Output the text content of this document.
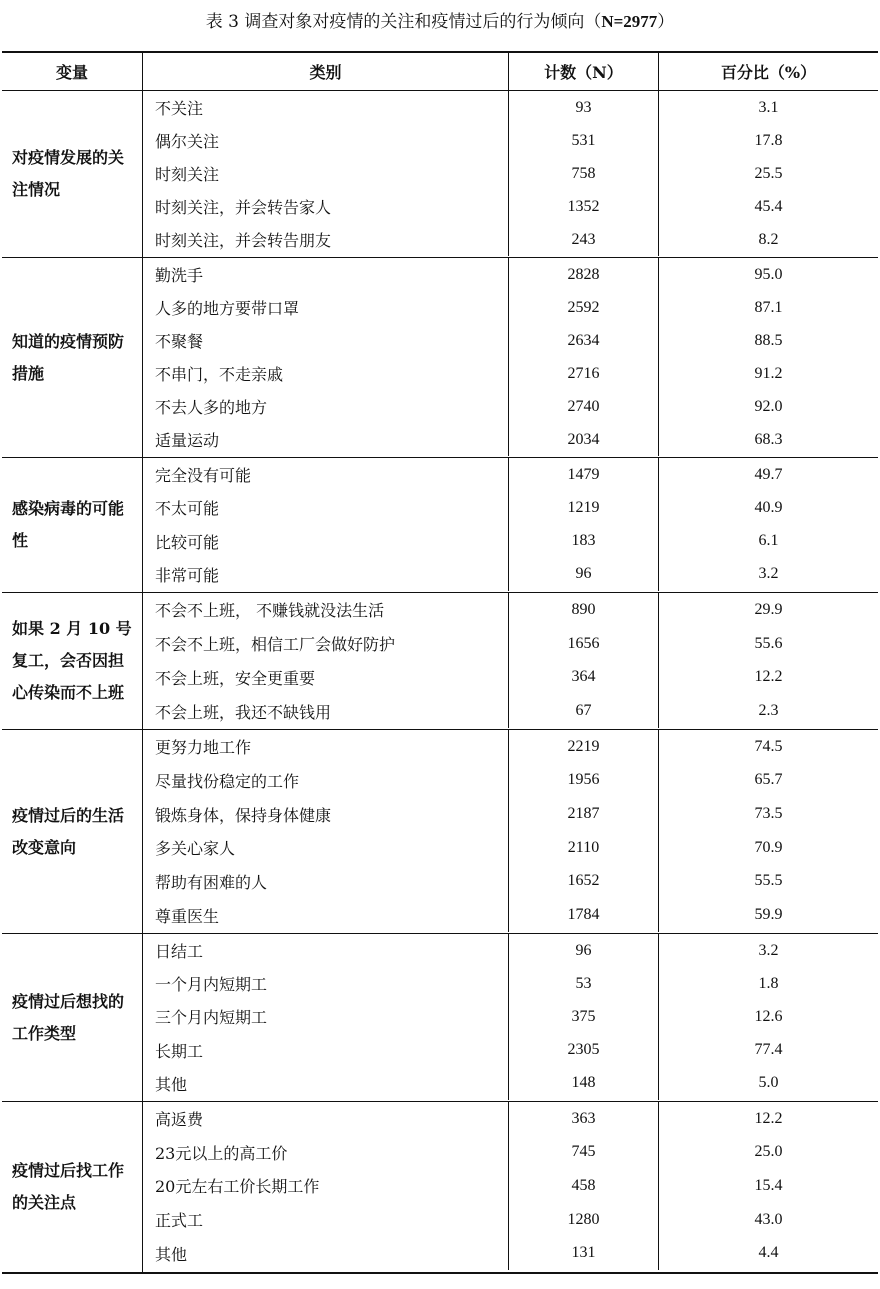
表 3 调查对象对疫情的关注和疫情过后的行为倾向（N=2977）
变量	类别	计数（N）	百分比（%）
对疫情发展的关注情况
不关注	93	3.1
偶尔关注	531	17.8
时刻关注	758	25.5
时刻关注，并会转告家人	1352	45.4
时刻关注，并会转告朋友	243	8.2
知道的疫情预防措施
勤洗手	2828	95.0
人多的地方要带口罩	2592	87.1
不聚餐	2634	88.5
不串门，不走亲戚	2716	91.2
不去人多的地方	2740	92.0
适量运动	2034	68.3
感染病毒的可能性
完全没有可能	1479	49.7
不太可能	1219	40.9
比较可能	183	6.1
非常可能	96	3.2
如果 2 月 10 号复工，会否因担心传染而不上班
不会不上班， 不赚钱就没法生活	890	29.9
不会不上班，相信工厂会做好防护	1656	55.6
不会上班，安全更重要	364	12.2
不会上班，我还不缺钱用	67	2.3
疫情过后的生活改变意向
更努力地工作	2219	74.5
尽量找份稳定的工作	1956	65.7
锻炼身体，保持身体健康	2187	73.5
多关心家人	2110	70.9
帮助有困难的人	1652	55.5
尊重医生	1784	59.9
疫情过后想找的工作类型
日结工	96	3.2
一个月内短期工	53	1.8
三个月内短期工	375	12.6
长期工	2305	77.4
其他	148	5.0
疫情过后找工作的关注点
高返费	363	12.2
23元以上的高工价	745	25.0
20元左右工价长期工作	458	15.4
正式工	1280	43.0
其他	131	4.4
